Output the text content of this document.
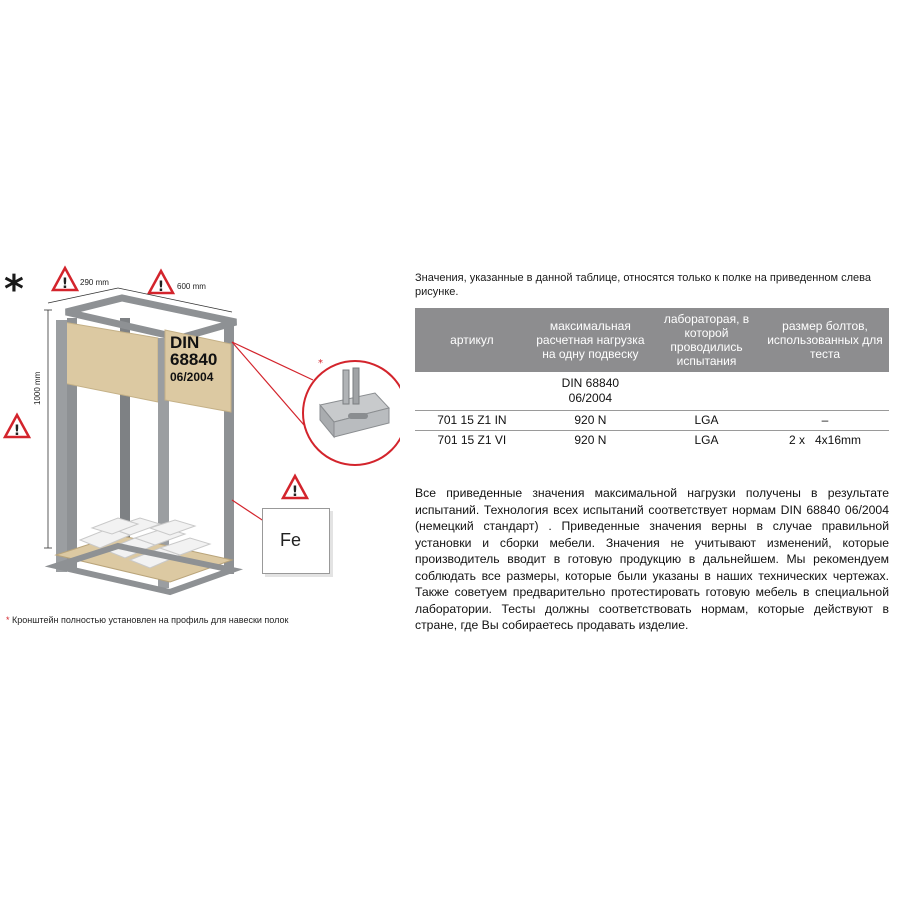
*	!	!
!
!
*
290 mm	600 mm
1000 mm
DIN
68840
06/2004
Fe
* Кронштейн полностью установлен на профиль для навески полок
Значения, указанные в данной таблице, относятся только к полке на приведенном слева рисунке.
артикул	максимальная расчетная нагрузка на одну подвеску	лабораторая, в которой проводились испытания	размер болтов, использованных для теста
	DIN 68840 06/2004		
701 15 Z1 IN	920 N	LGA	–
701 15 Z1 VI	920 N	LGA	2 x   4x16mm
Все приведенные значения максимальной нагрузки получены в результате испытаний. Технология всех испытаний соответствует нормам DIN 68840 06/2004 (немецкий стандарт) . Приведенные значения верны в случае правильной установки и сборки мебели. Значения не учитывают изменений, которые производитель вводит в готовую продукцию в дальнейшем. Мы рекомендуем соблюдать все размеры, которые были указаны в наших технических чертежах. Также советуем предварительно протестировать готовую мебель в специальной лаборатории. Тесты должны соответствовать нормам, которые действуют в стране, где Вы собираетесь продавать изделие.
